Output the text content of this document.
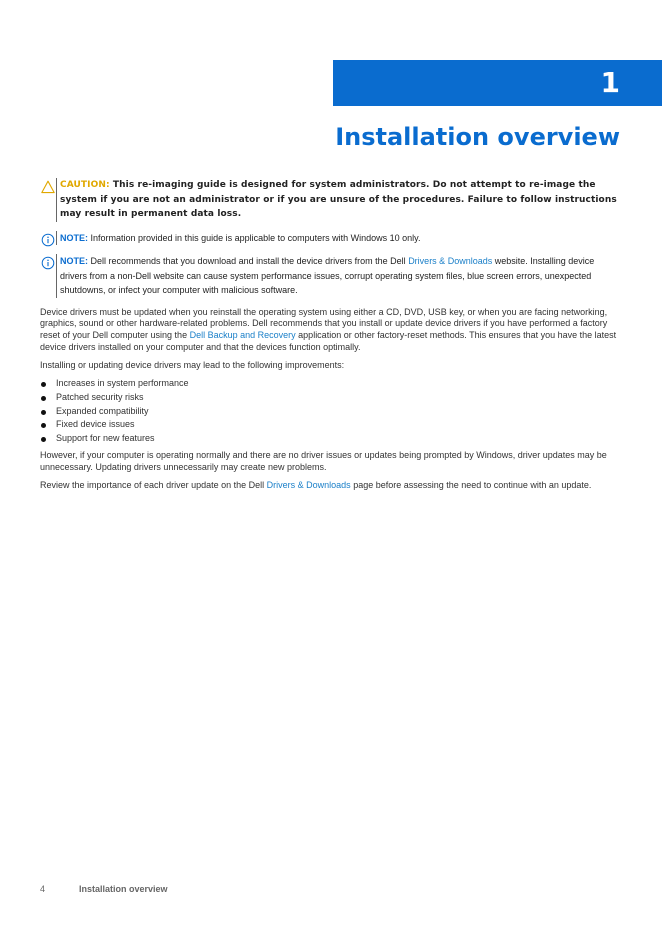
1
Installation overview

CAUTION: This re-imaging guide is designed for system administrators. Do not attempt to re-image the system if you are not an administrator or if you are unsure of the procedures. Failure to follow instructions may result in permanent data loss.

NOTE: Information provided in this guide is applicable to computers with Windows 10 only.

NOTE: Dell recommends that you download and install the device drivers from the Dell Drivers & Downloads website. Installing device drivers from a non-Dell website can cause system performance issues, corrupt operating system files, blue screen errors, unexpected shutdowns, or infect your computer with malicious software.

Device drivers must be updated when you reinstall the operating system using either a CD, DVD, USB key, or when you are facing networking, graphics, sound or other hardware-related problems. Dell recommends that you install or update device drivers if you have performed a factory reset of your Dell computer using the Dell Backup and Recovery application or other factory-reset methods. This ensures that you have the latest device drivers installed on your computer and that the devices function optimally.

Installing or updating device drivers may lead to the following improvements:

Increases in system performance
Patched security risks
Expanded compatibility
Fixed device issues
Support for new features

However, if your computer is operating normally and there are no driver issues or updates being prompted by Windows, driver updates may be unnecessary. Updating drivers unnecessarily may create new problems.

Review the importance of each driver update on the Dell Drivers & Downloads page before assessing the need to continue with an update.

4	Installation overview
